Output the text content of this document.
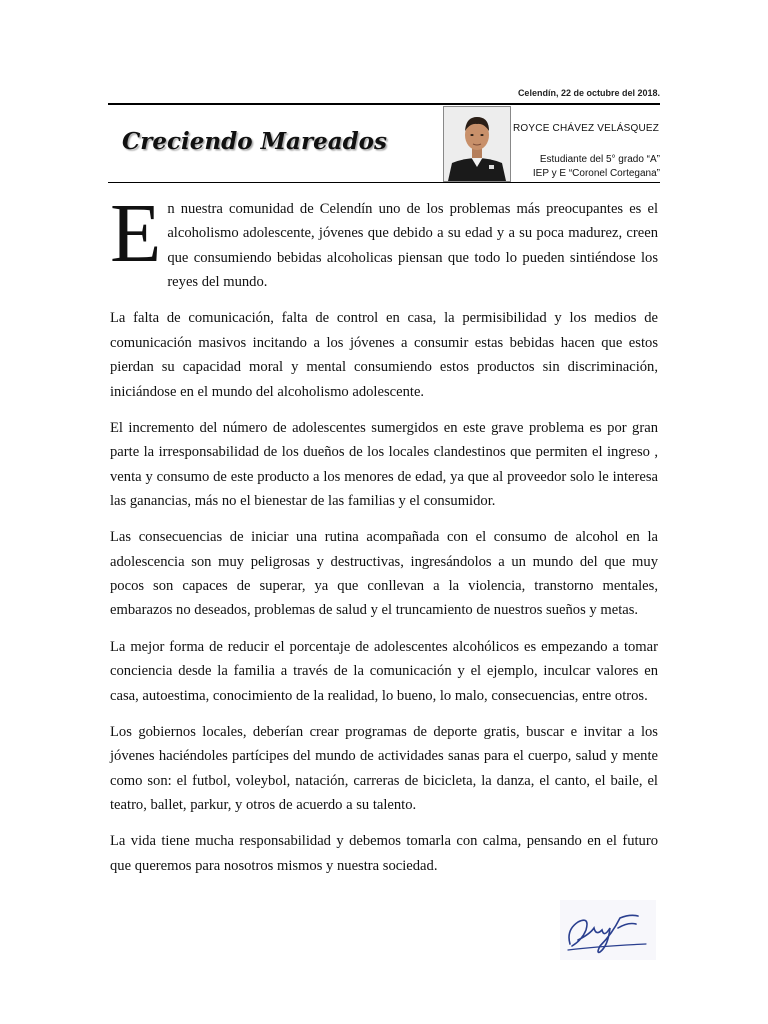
Celendín, 22 de octubre del 2018.
Creciendo Mareados	ROYCE CHÁVEZ VELÁSQUEZ
Estudiante del 5° grado “A”
IEP y E “Coronel Cortegana”

En nuestra comunidad de Celendín uno de los problemas más preocupantes es el alcoholismo adolescente, jóvenes que debido a su edad y a su poca madurez, creen que consumiendo bebidas alcoholicas piensan que todo lo pueden sintiéndose los reyes del mundo.

La falta de comunicación, falta de control en casa, la permisibilidad y los medios de comunicación masivos incitando a los jóvenes a consumir estas bebidas hacen que estos pierdan su capacidad moral y mental consumiendo estos productos sin discriminación, iniciándose en el mundo del alcoholismo adolescente.

El incremento del número de adolescentes sumergidos en este grave problema es por gran parte la irresponsabilidad de los dueños de los locales clandestinos que permiten el ingreso , venta y consumo de este producto a los menores de edad, ya que al proveedor solo le interesa las ganancias, más no el bienestar de las familias y el consumidor.

Las consecuencias de iniciar una rutina acompañada con el consumo de alcohol en la adolescencia son muy peligrosas y destructivas, ingresándolos a un mundo del que muy pocos son capaces de superar, ya que conllevan a la violencia, transtorno mentales, embarazos no deseados, problemas de salud y el truncamiento de nuestros sueños y metas.

La mejor forma de reducir el porcentaje de adolescentes alcohólicos es empezando a tomar conciencia desde la familia a través de la comunicación y el ejemplo, inculcar valores en casa, autoestima, conocimiento de la realidad, lo bueno, lo malo, consecuencias, entre otros.

Los gobiernos locales, deberían crear programas de deporte gratis, buscar e invitar a los jóvenes haciéndoles partícipes del mundo de actividades sanas para el cuerpo, salud y mente como son: el futbol, voleybol, natación, carreras de bicicleta, la danza, el canto, el baile, el teatro, ballet, parkur, y otros de acuerdo a su talento.

La vida tiene mucha responsabilidad y debemos tomarla con calma, pensando en el futuro que queremos para nosotros mismos y nuestra sociedad.
